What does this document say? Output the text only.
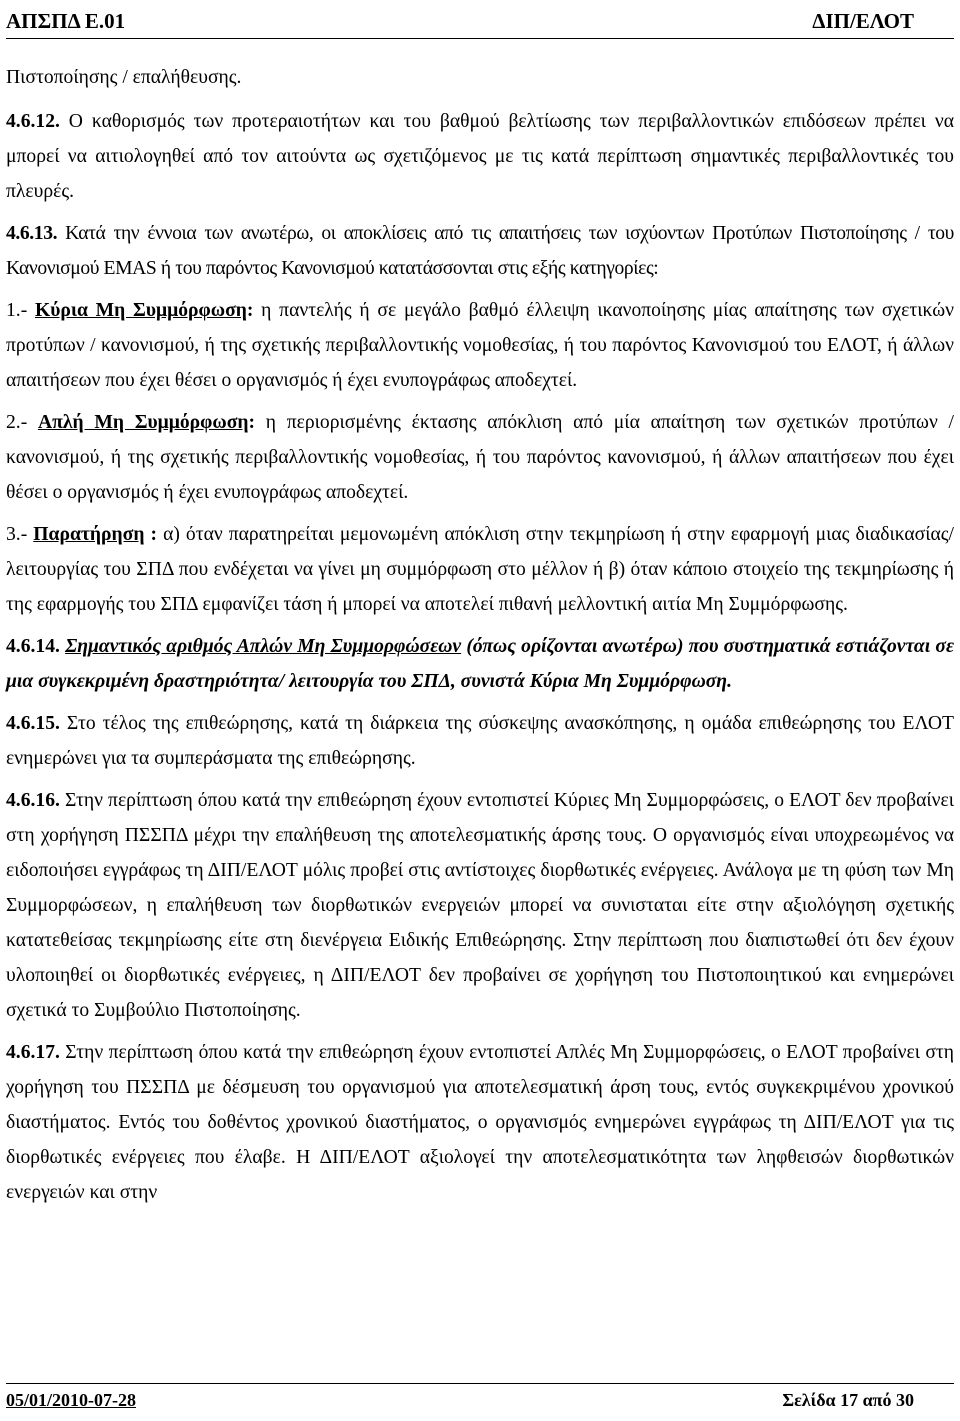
ΑΠΣΠΔ Ε.01	ΔΙΠ/ΕΛΟΤ

Πιστοποίησης / επαλήθευσης.

4.6.12. Ο καθορισμός των προτεραιοτήτων και του βαθμού βελτίωσης των περιβαλλοντικών επιδόσεων πρέπει να μπορεί να αιτιολογηθεί από τον αιτούντα ως σχετιζόμενος με τις κατά περίπτωση σημαντικές περιβαλλοντικές του πλευρές.

4.6.13. Κατά την έννοια των ανωτέρω, οι αποκλίσεις από τις απαιτήσεις των ισχύοντων Προτύπων Πιστοποίησης / του Κανονισμού EMAS ή του παρόντος Κανονισμού κατατάσσονται στις εξής κατηγορίες:

1.- Κύρια Μη Συμμόρφωση: η παντελής ή σε μεγάλο βαθμό έλλειψη ικανοποίησης μίας απαίτησης των σχετικών προτύπων / κανονισμού, ή της σχετικής περιβαλλοντικής νομοθεσίας, ή του παρόντος Κανονισμού του ΕΛΟΤ, ή άλλων απαιτήσεων που έχει θέσει ο οργανισμός ή έχει ενυπογράφως αποδεχτεί.

2.- Απλή Μη Συμμόρφωση: η περιορισμένης έκτασης απόκλιση από μία απαίτηση των σχετικών προτύπων / κανονισμού, ή της σχετικής περιβαλλοντικής νομοθεσίας, ή του παρόντος κανονισμού, ή άλλων απαιτήσεων που έχει θέσει ο οργανισμός ή έχει ενυπογράφως αποδεχτεί.

3.- Παρατήρηση : α) όταν παρατηρείται μεμονωμένη απόκλιση στην τεκμηρίωση ή στην εφαρμογή μιας διαδικασίας/λειτουργίας του ΣΠΔ που ενδέχεται να γίνει μη συμμόρφωση στο μέλλον ή β) όταν κάποιο στοιχείο της τεκμηρίωσης ή της εφαρμογής του ΣΠΔ εμφανίζει τάση ή μπορεί να αποτελεί πιθανή μελλοντική αιτία Μη Συμμόρφωσης.

4.6.14. Σημαντικός αριθμός Απλών Μη Συμμορφώσεων (όπως ορίζονται ανωτέρω) που συστηματικά εστιάζονται σε μια συγκεκριμένη δραστηριότητα/ λειτουργία του ΣΠΔ, συνιστά Κύρια Μη Συμμόρφωση.

4.6.15. Στο τέλος της επιθεώρησης, κατά τη διάρκεια της σύσκεψης ανασκόπησης, η ομάδα επιθεώρησης του ΕΛΟΤ ενημερώνει για τα συμπεράσματα της επιθεώρησης.

4.6.16. Στην περίπτωση όπου κατά την επιθεώρηση έχουν εντοπιστεί Κύριες Μη Συμμορφώσεις, ο ΕΛΟΤ δεν προβαίνει στη χορήγηση ΠΣΣΠΔ μέχρι την επαλήθευση της αποτελεσματικής άρσης τους. Ο οργανισμός είναι υποχρεωμένος να ειδοποιήσει εγγράφως τη ΔΙΠ/ΕΛΟΤ μόλις προβεί στις αντίστοιχες διορθωτικές ενέργειες. Ανάλογα με τη φύση των Μη Συμμορφώσεων, η επαλήθευση των διορθωτικών ενεργειών μπορεί να συνισταται είτε στην αξιολόγηση σχετικής κατατεθείσας τεκμηρίωσης είτε στη διενέργεια Ειδικής Επιθεώρησης. Στην περίπτωση που διαπιστωθεί ότι δεν έχουν υλοποιηθεί οι διορθωτικές ενέργειες, η ΔΙΠ/ΕΛΟΤ δεν προβαίνει σε χορήγηση του Πιστοποιητικού και ενημερώνει σχετικά το Συμβούλιο Πιστοποίησης.

4.6.17. Στην περίπτωση όπου κατά την επιθεώρηση έχουν εντοπιστεί Απλές Μη Συμμορφώσεις, ο ΕΛΟΤ προβαίνει στη χορήγηση του ΠΣΣΠΔ με δέσμευση του οργανισμού για αποτελεσματική άρση τους, εντός συγκεκριμένου χρονικού διαστήματος. Εντός του δοθέντος χρονικού διαστήματος, ο οργανισμός ενημερώνει εγγράφως τη ΔΙΠ/ΕΛΟΤ για τις διορθωτικές ενέργειες που έλαβε. Η ΔΙΠ/ΕΛΟΤ αξιολογεί την αποτελεσματικότητα των ληφθεισών διορθωτικών ενεργειών και στην

05/01/2010-07-28	Σελίδα 17 από 30
